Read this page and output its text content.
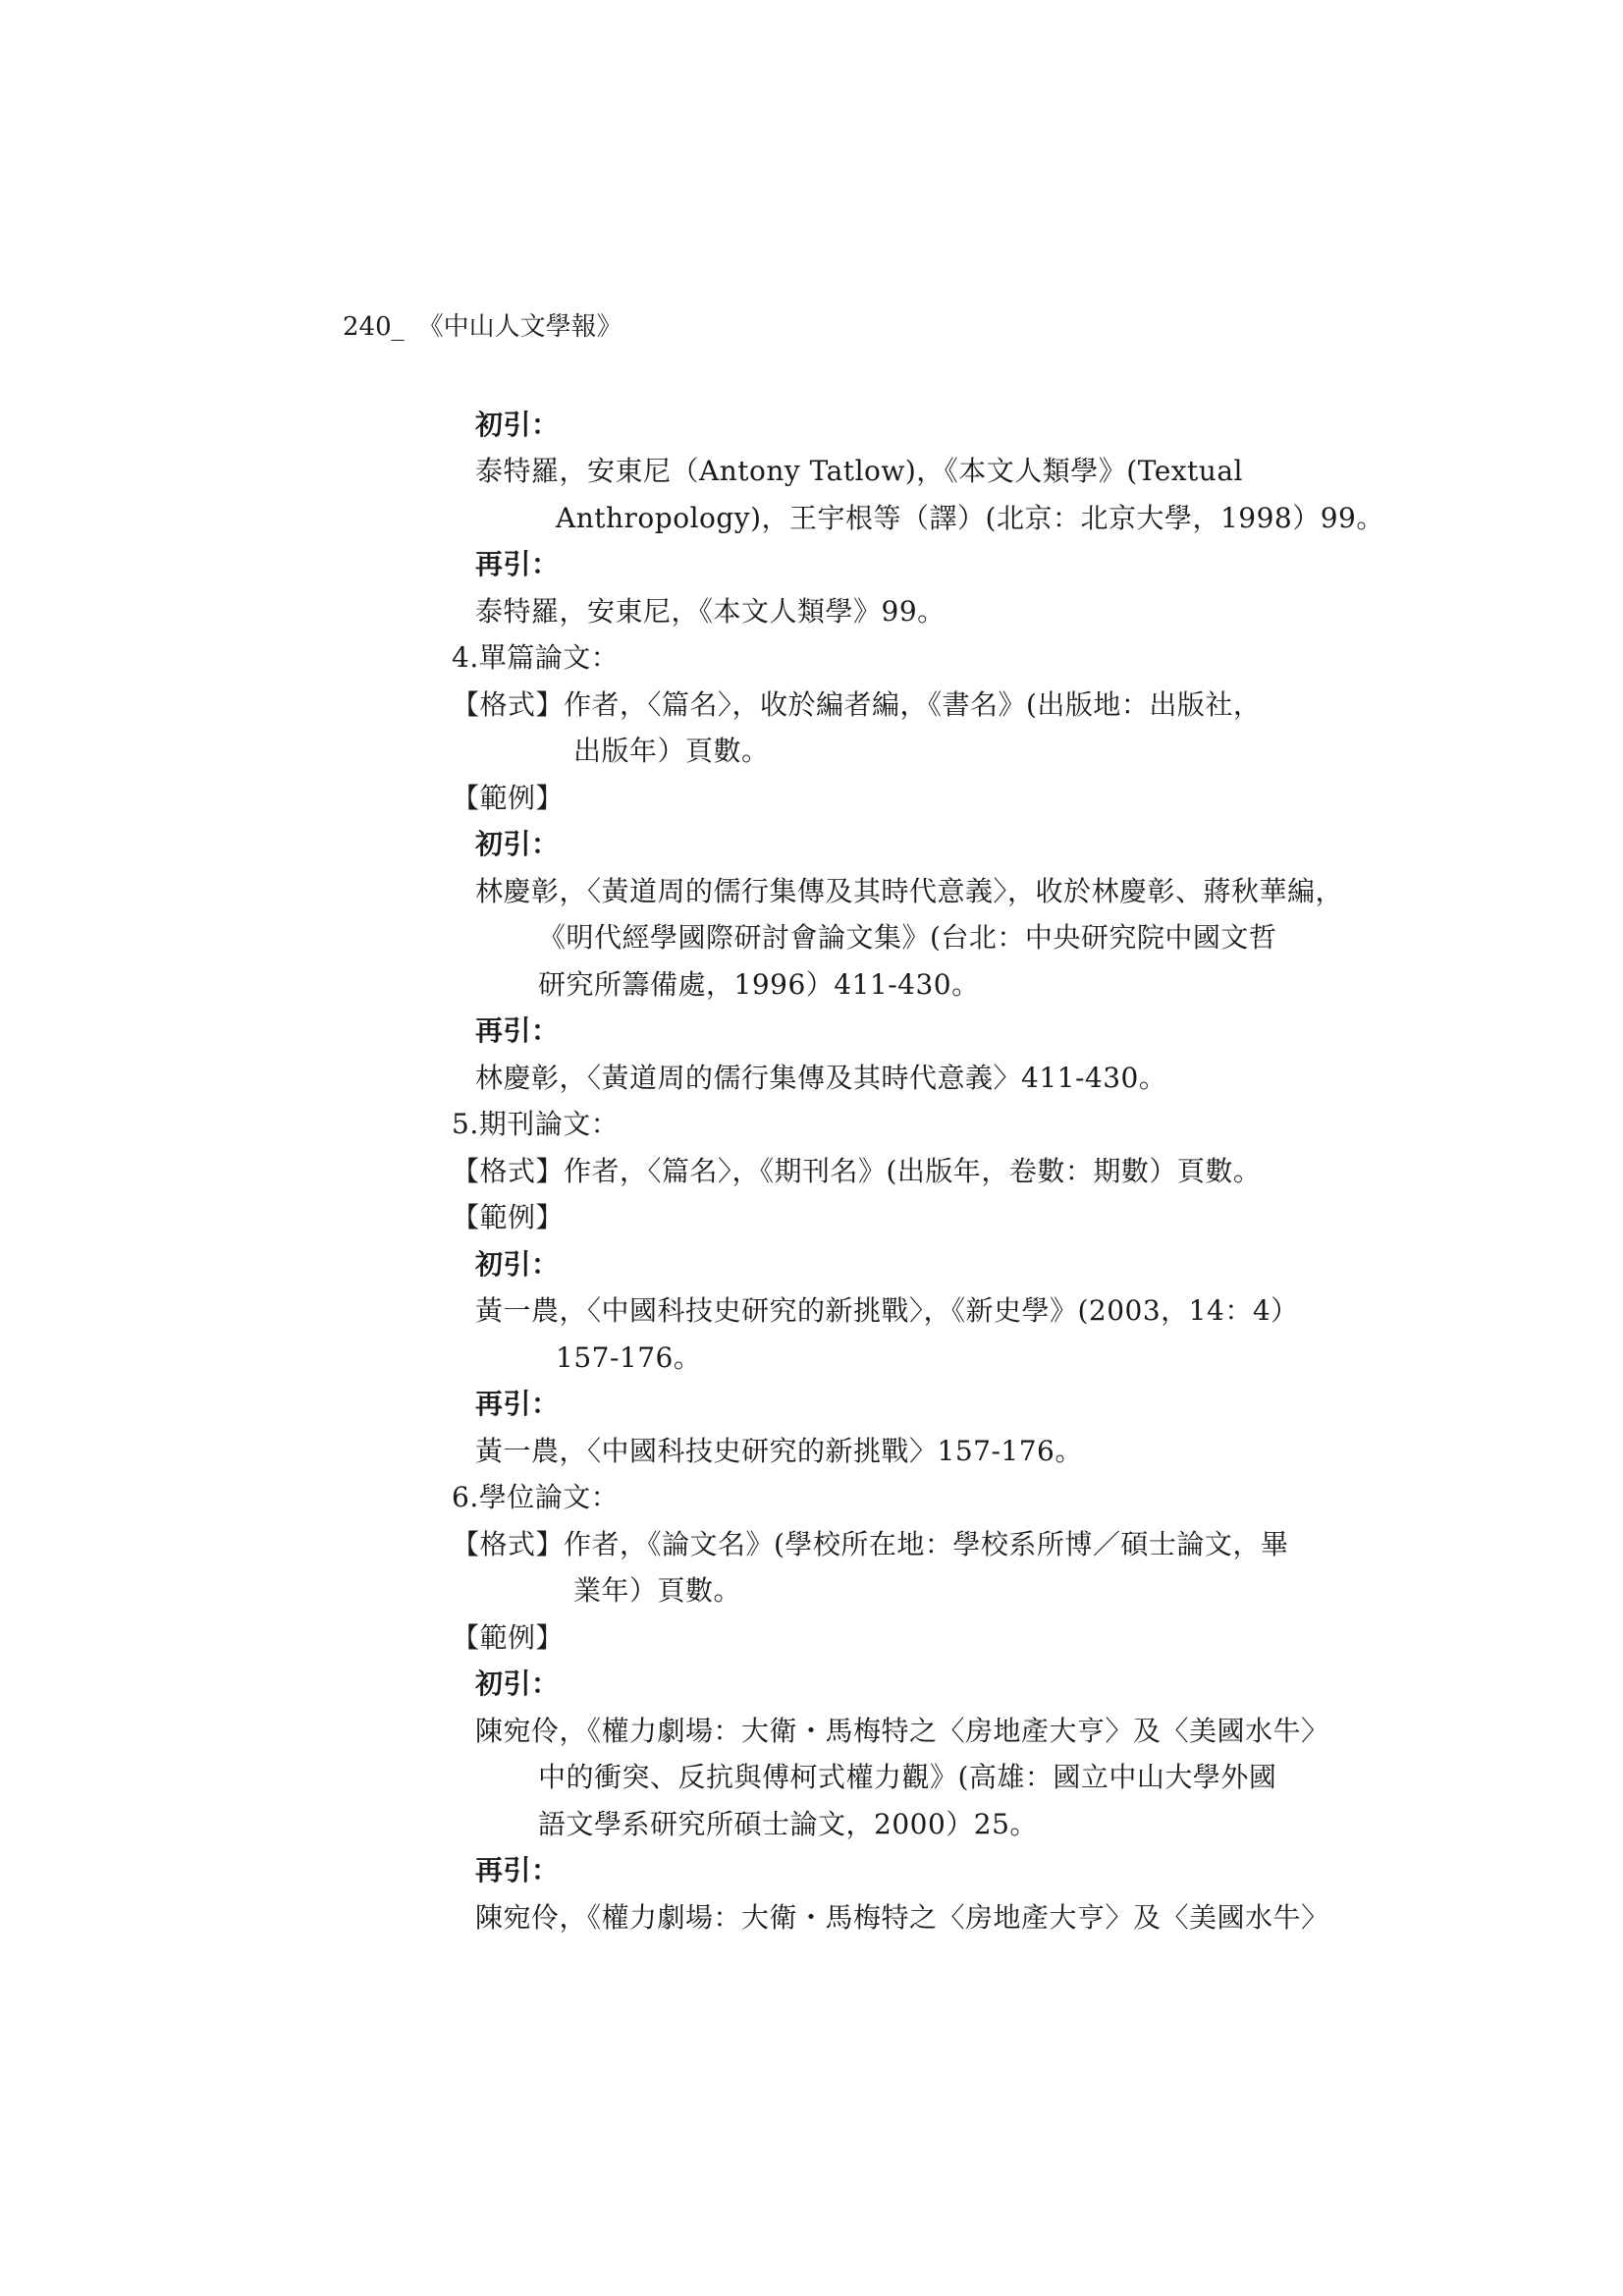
240_ 《中山人文學報》
初引：
泰特羅，安東尼（Antony Tatlow)，《本文人類學》(Textual
Anthropology)，王宇根等（譯）(北京：北京大學，1998）99。
再引：
泰特羅，安東尼，《本文人類學》99。
4.單篇論文：
【格式】作者，〈篇名〉，收於編者編，《書名》(出版地：出版社，
出版年）頁數。
【範例】
初引：
林慶彰，〈黃道周的儒行集傳及其時代意義〉，收於林慶彰、蔣秋華編，
《明代經學國際研討會論文集》(台北：中央研究院中國文哲
研究所籌備處，1996）411-430。
再引：
林慶彰，〈黃道周的儒行集傳及其時代意義〉411-430。
5.期刊論文：
【格式】作者，〈篇名〉，《期刊名》(出版年，卷數：期數）頁數。
【範例】
初引：
黃一農，〈中國科技史研究的新挑戰〉，《新史學》(2003，14：4）
157-176。
再引：
黃一農，〈中國科技史研究的新挑戰〉157-176。
6.學位論文：
【格式】作者，《論文名》(學校所在地：學校系所博／碩士論文，畢
業年）頁數。
【範例】
初引：
陳宛伶，《權力劇場：大衛・馬梅特之〈房地產大亨〉及〈美國水牛〉
中的衝突、反抗與傅柯式權力觀》(高雄：國立中山大學外國
語文學系研究所碩士論文，2000）25。
再引：
陳宛伶，《權力劇場：大衛・馬梅特之〈房地產大亨〉及〈美國水牛〉
